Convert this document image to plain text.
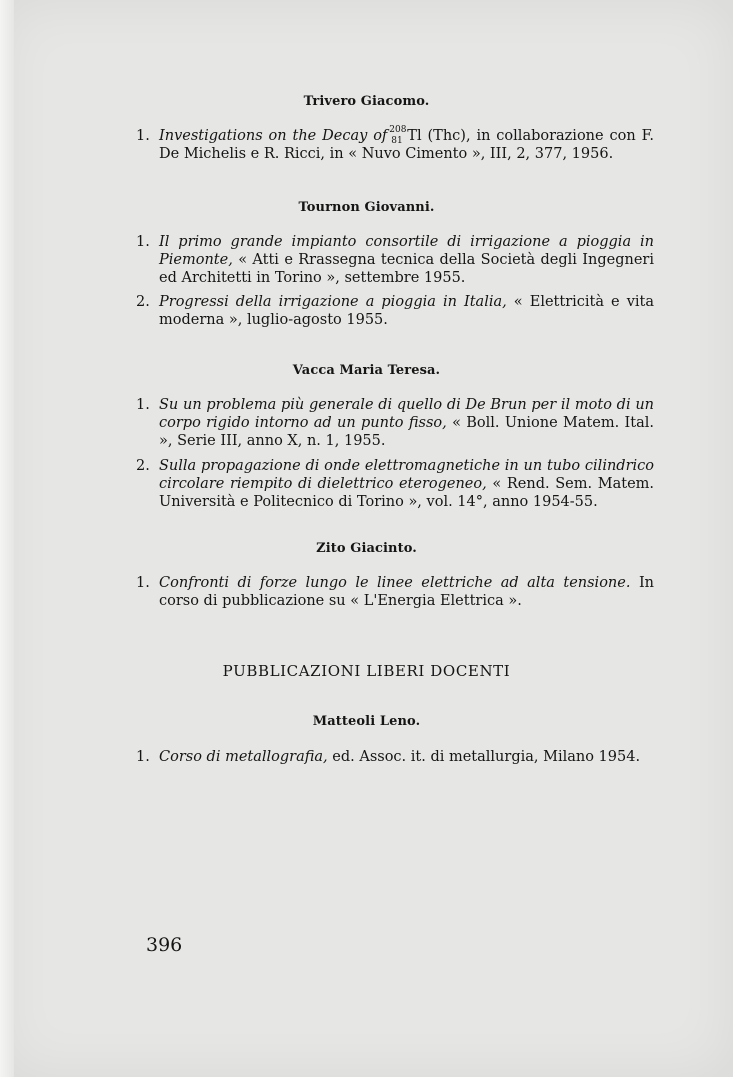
Trivero Giacomo.
1. Investigations on the Decay of 208
81 Tl (Thc), in collaborazione con F. De Michelis e R. Ricci, in « Nuvo Cimento », III, 2, 377, 1956.
Tournon Giovanni.
1. Il primo grande impianto consortile di irrigazione a pioggia in Piemonte, « Atti e Rrassegna tecnica della Società degli Ingegneri ed Architetti in Torino », settembre 1955.
2. Progressi della irrigazione a pioggia in Italia, « Elettricità e vita moderna », luglio-agosto 1955.
Vacca Maria Teresa.
1. Su un problema più generale di quello di De Brun per il moto di un corpo rigido intorno ad un punto fisso, « Boll. Unione Matem. Ital. », Serie III, anno X, n. 1, 1955.
2. Sulla propagazione di onde elettromagnetiche in un tubo cilindrico circolare riempito di dielettrico eterogeneo, « Rend. Sem. Matem. Università e Politecnico di Torino », vol. 14°, anno 1954-55.
Zito Giacinto.
1. Confronti di forze lungo le linee elettriche ad alta tensione. In corso di pubblicazione su « L'Energia Elettrica ».
PUBBLICAZIONI LIBERI DOCENTI
Matteoli Leno.
1. Corso di metallografia, ed. Assoc. it. di metallurgia, Milano 1954.
396
